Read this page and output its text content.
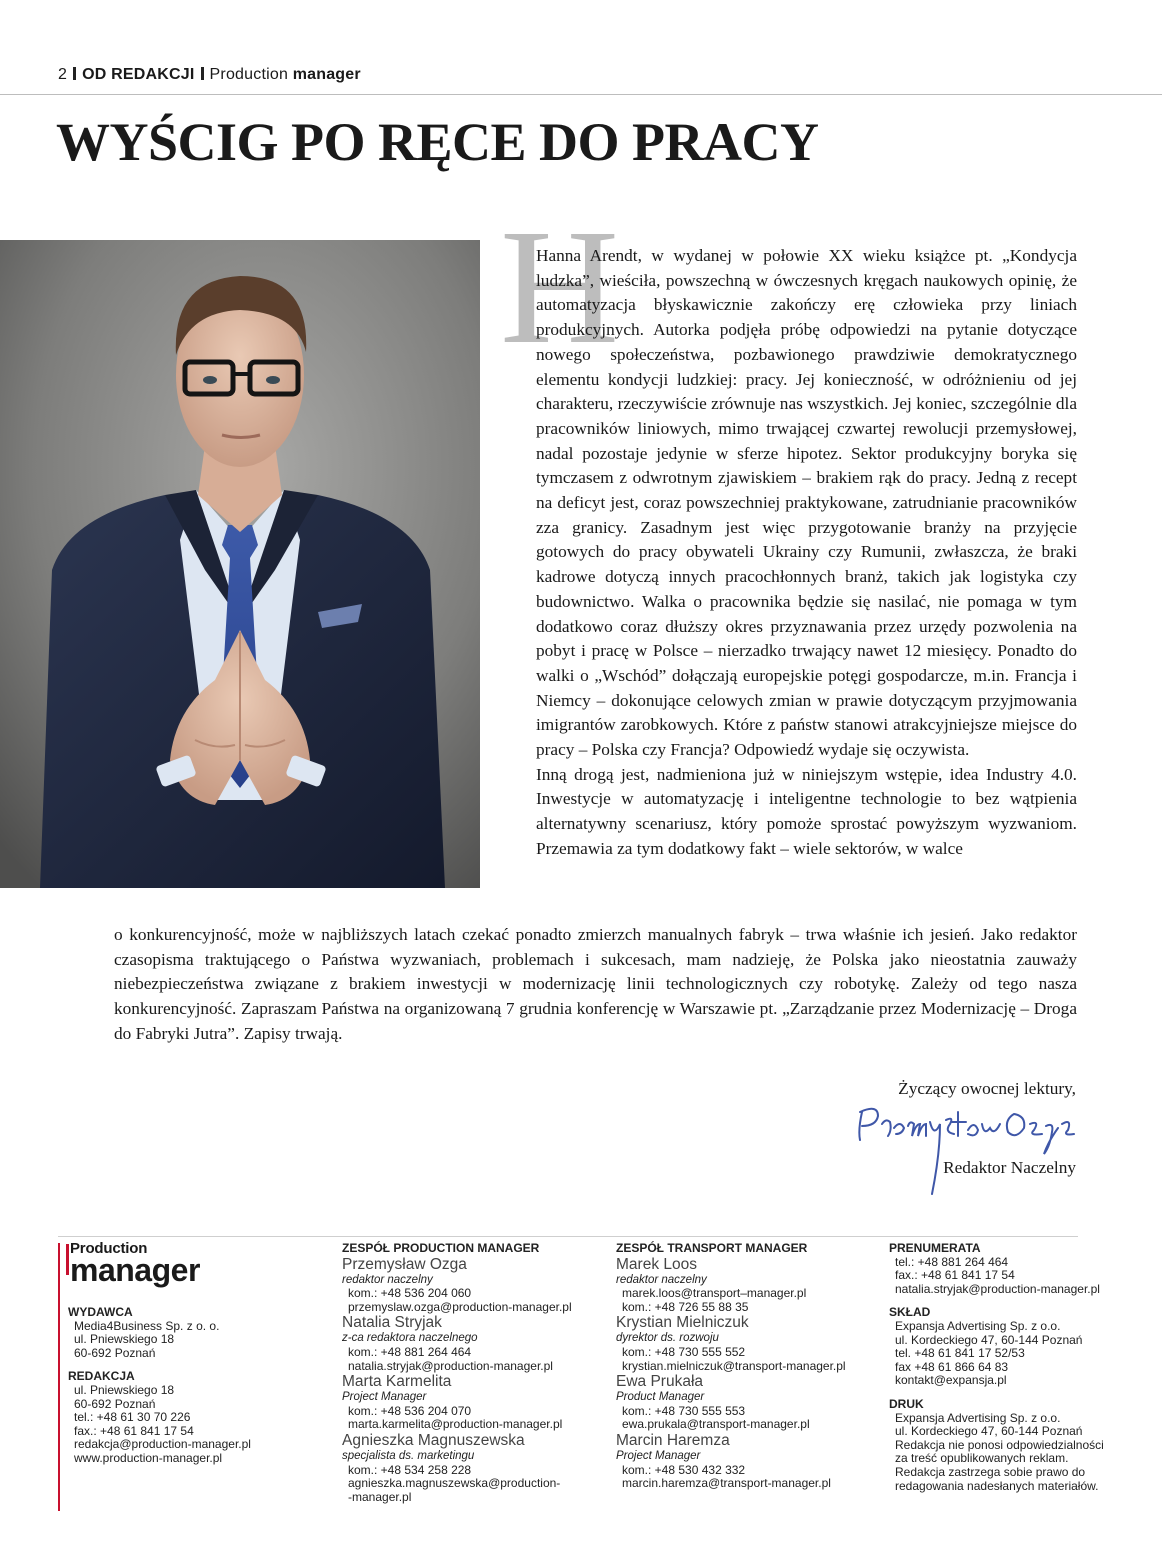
2 OD REDAKCJI Production manager
WYŚCIG PO RĘCE DO PRACY
H

Hanna Arendt, w wydanej w połowie XX wieku książce pt. „Kondycja ludzka”, wieściła, powszechną w ówczesnych kręgach naukowych opinię, że automatyzacja błyskawicznie zakończy erę człowieka przy liniach produkcyjnych. Autorka podjęła próbę odpowiedzi na pytanie dotyczące nowego społeczeństwa, pozbawionego prawdziwie demokratycznego elementu kondycji ludzkiej: pracy. Jej konieczność, w odróżnieniu od jej charakteru, rzeczywiście zrównuje nas wszystkich. Jej koniec, szczególnie dla pracowników liniowych, mimo trwającej czwartej rewolucji przemysłowej, nadal pozostaje jedynie w sferze hipotez. Sektor produkcyjny boryka się tymczasem z odwrotnym zjawiskiem – brakiem rąk do pracy. Jedną z recept na deficyt jest, coraz powszechniej praktykowane, zatrudnianie pracowników zza granicy. Zasadnym jest więc przygotowanie branży na przyjęcie gotowych do pracy obywateli Ukrainy czy Rumunii, zwłaszcza, że braki kadrowe dotyczą innych pracochłonnych branż, takich jak logistyka czy budownictwo. Walka o pracownika będzie się nasilać, nie pomaga w tym dodatkowo coraz dłuższy okres przyznawania przez urzędy pozwolenia na pobyt i pracę w Polsce – nierzadko trwający nawet 12 miesięcy. Ponadto do walki o „Wschód” dołączają europejskie potęgi gospodarcze, m.in. Francja i Niemcy – dokonujące celowych zmian w prawie dotyczącym przyjmowania imigrantów zarobkowych. Które z państw stanowi atrakcyjniejsze miejsce do pracy – Polska czy Francja? Odpowiedź wydaje się oczywista.

Inną drogą jest, nadmieniona już w niniejszym wstępie, idea Industry 4.0. Inwestycje w automatyzację i inteligentne technologie to bez wątpienia alternatywny scenariusz, który pomoże sprostać powyższym wyzwaniom. Przemawia za tym dodatkowy fakt – wiele sektorów, w walce

o konkurencyjność, może w najbliższych latach czekać ponadto zmierzch manualnych fabryk – trwa właśnie ich jesień. Jako redaktor czasopisma traktującego o Państwa wyzwaniach, problemach i sukcesach, mam nadzieję, że Polska jako nieostatnia zauważy niebezpieczeństwa związane z brakiem inwestycji w modernizację linii technologicznych czy robotykę. Zależy od tego nasza konkurencyjność. Zapraszam Państwa na organizowaną 7 grudnia konferencję w Warszawie pt. „Zarządzanie przez Modernizację – Droga do Fabryki Jutra”. Zapisy trwają.

Życzący owocnej lektury,
Redaktor Naczelny
Production
manager
WYDAWCA
Media4Business Sp. z o. o.
ul. Pniewskiego 18
60-692 Poznań
REDAKCJA
ul. Pniewskiego 18
60-692 Poznań
tel.: +48 61 30 70 226
fax.: +48 61 841 17 54
redakcja@production-manager.pl
www.production-manager.pl
ZESPÓŁ PRODUCTION MANAGER
Przemysław Ozga
redaktor naczelny
kom.: +48 536 204 060
przemyslaw.ozga@production-manager.pl
Natalia Stryjak
z-ca redaktora naczelnego
kom.: +48 881 264 464
natalia.stryjak@production-manager.pl
Marta Karmelita
Project Manager
kom.: +48 536 204 070
marta.karmelita@production-manager.pl
Agnieszka Magnuszewska
specjalista ds. marketingu
kom.: +48 534 258 228
agnieszka.magnuszewska@production-
-manager.pl
ZESPÓŁ TRANSPORT MANAGER
Marek Loos
redaktor naczelny
marek.loos@transport–manager.pl
kom.: +48 726 55 88 35
Krystian Mielniczuk
dyrektor ds. rozwoju
kom.: +48 730 555 552
krystian.mielniczuk@transport-manager.pl
Ewa Prukała
Product Manager
kom.: +48 730 555 553
ewa.prukala@transport-manager.pl
Marcin Haremza
Project Manager
kom.: +48 530 432 332
marcin.haremza@transport-manager.pl
PRENUMERATA
tel.: +48 881 264 464
fax.: +48 61 841 17 54
natalia.stryjak@production-manager.pl
SKŁAD
Expansja Advertising Sp. z o.o.
ul. Kordeckiego 47, 60-144 Poznań
tel. +48 61 841 17 52/53
fax +48 61 866 64 83
kontakt@expansja.pl
DRUK
Expansja Advertising Sp. z o.o.
ul. Kordeckiego 47, 60-144 Poznań
Redakcja nie ponosi odpowiedzialności
za treść opublikowanych reklam.
Redakcja zastrzega sobie prawo do
redagowania nadesłanych materiałów.
